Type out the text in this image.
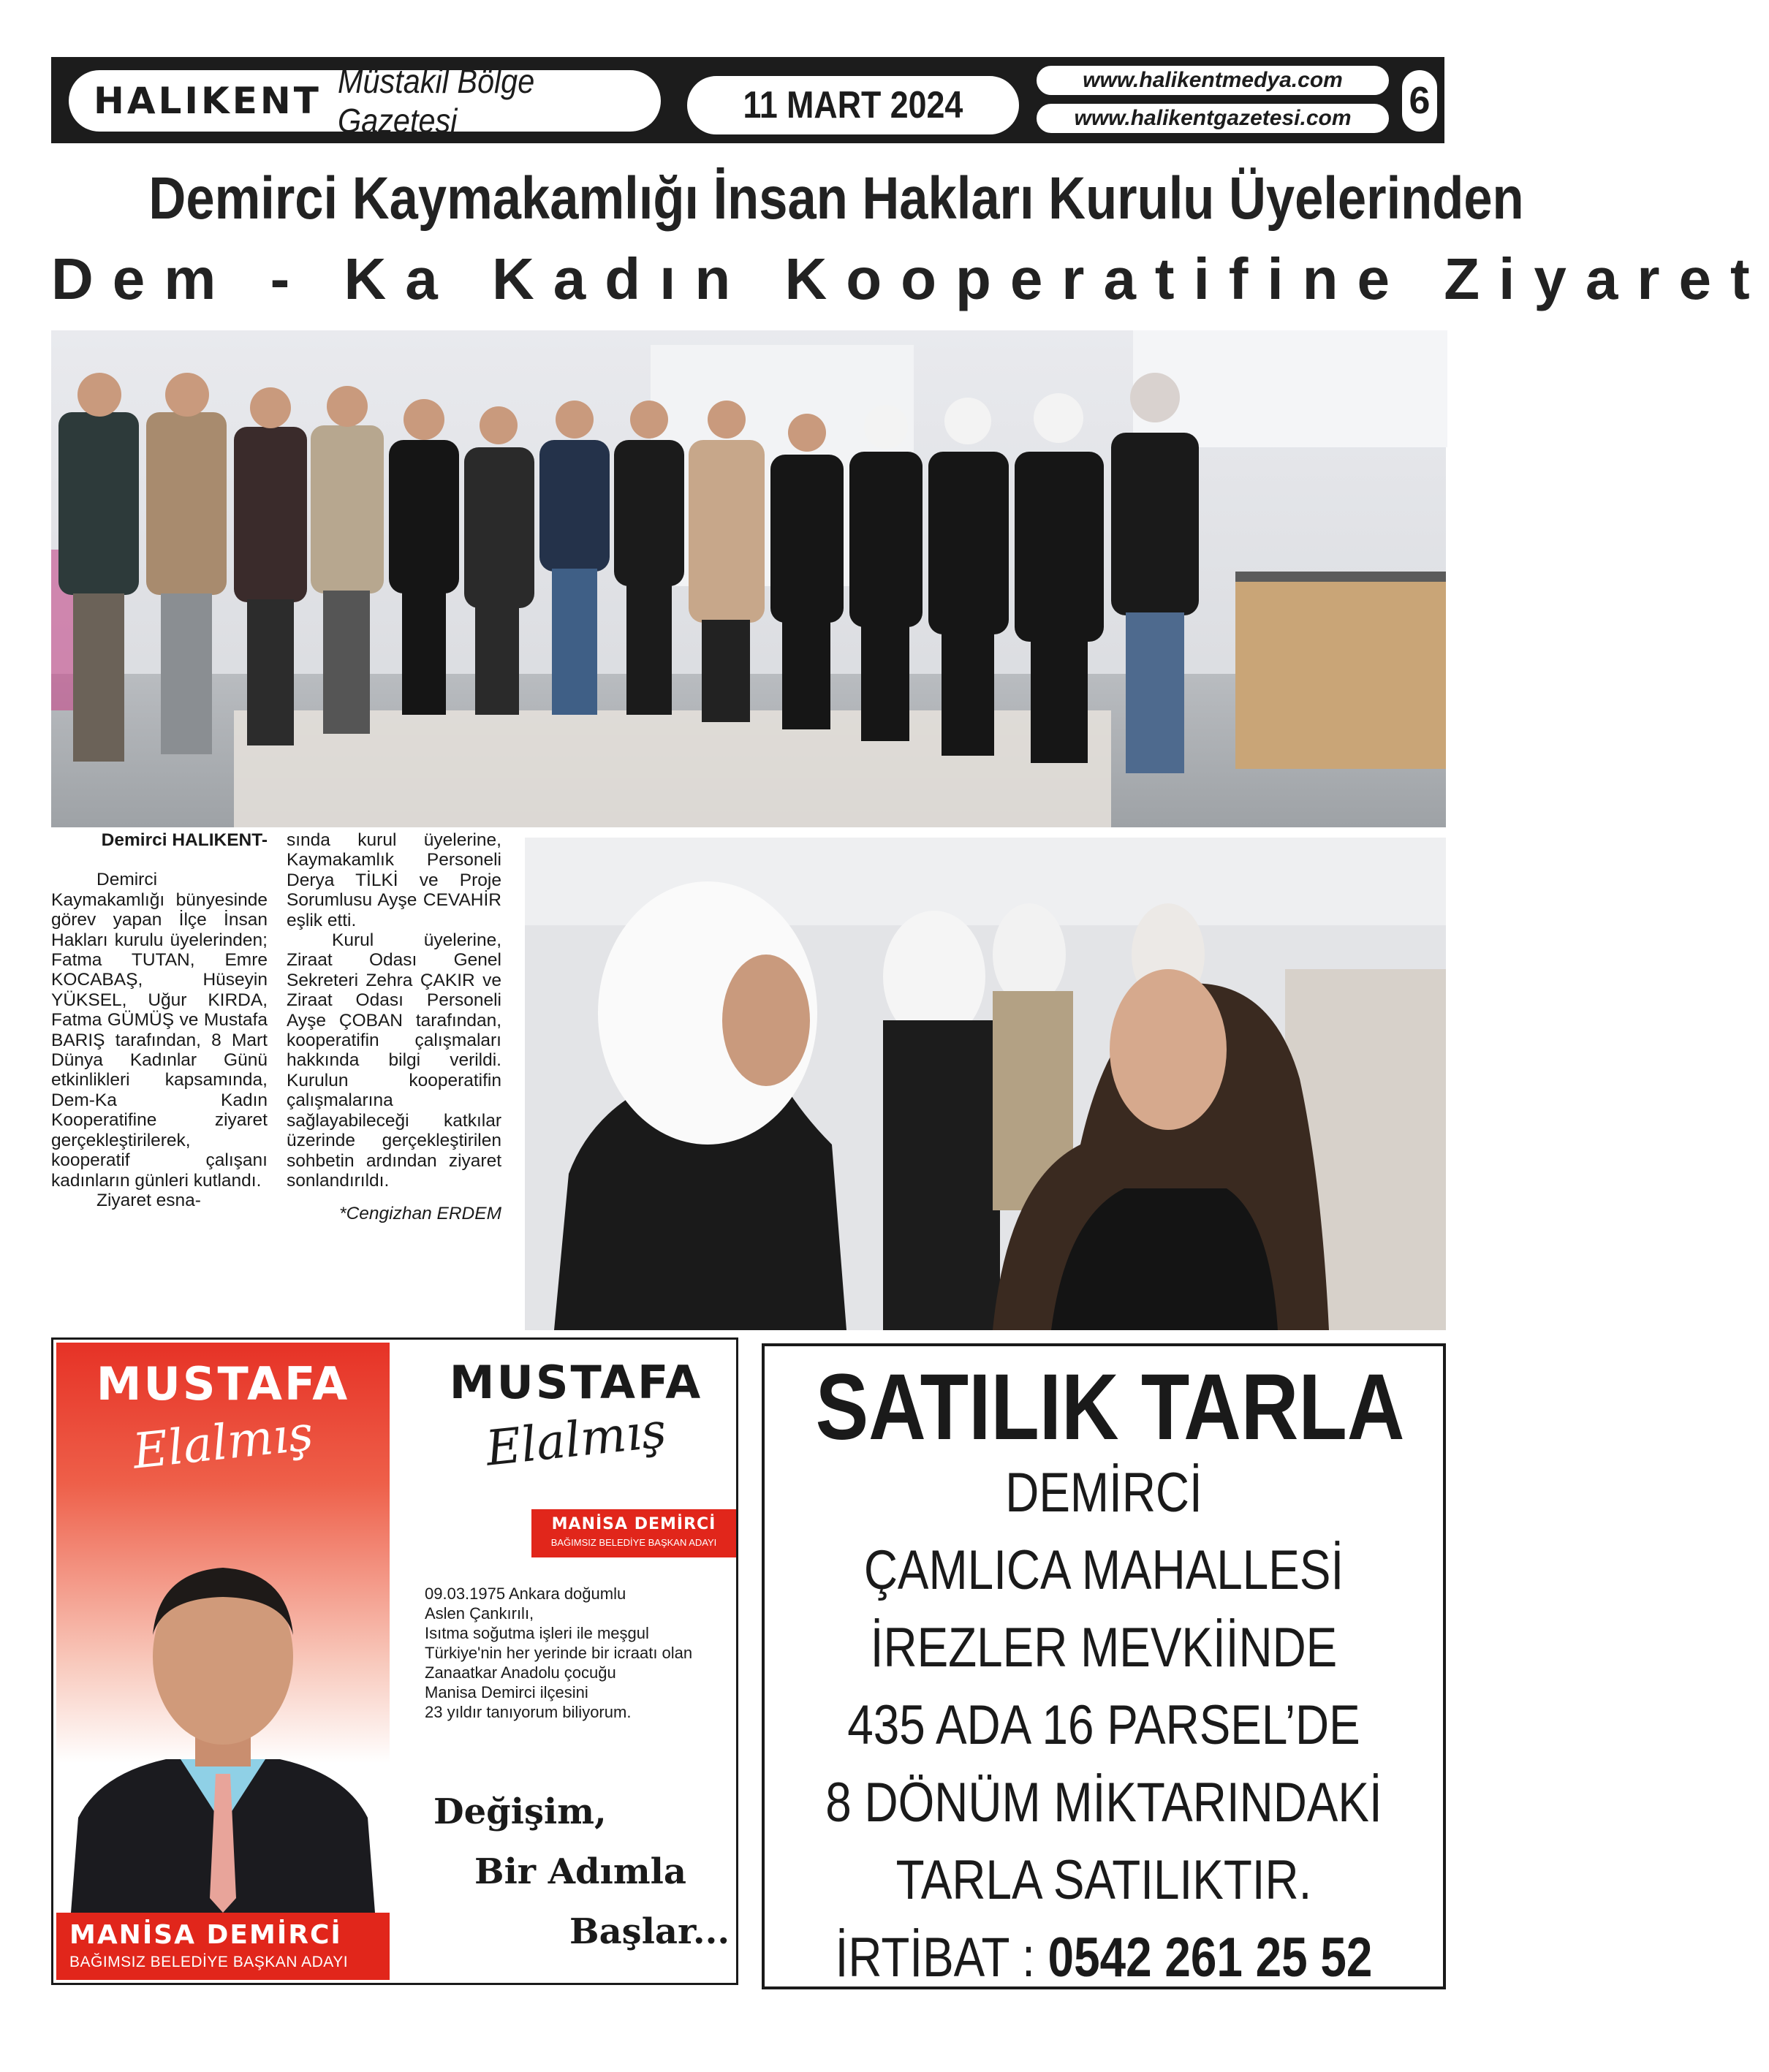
HALIKENT Müstakil Bölge Gazetesi	11 MART 2024
www.halikentmedya.com
www.halikentgazetesi.com 6
Demirci Kaymakamlığı İnsan Hakları Kurulu Üyelerinden
Dem - Ka Kadın Kooperatifine Ziyaret

Demirci HALIKENT-

Demirci Kaymakamlığı bünyesinde görev yapan İlçe İnsan Hakları kurulu üyelerinden; Fatma TUTAN, Emre KOCABAŞ, Hüseyin YÜKSEL, Uğur KIRDA, Fatma GÜMÜŞ ve Mustafa BARIŞ tarafından, 8 Mart Dünya Kadınlar Günü etkinlikleri kapsamında, Dem-Ka Kadın Kooperatifine ziyaret gerçekleştirilerek, kooperatif çalışanı kadınların günleri kutlandı.

Ziyaret esna-

sında kurul üyelerine, Kaymakamlık Personeli Derya TİLKİ ve Proje Sorumlusu Ayşe CEVAHİR eşlik etti.

Kurul üyelerine, Ziraat Odası Genel Sekreteri Zehra ÇAKIR ve Ziraat Odası Personeli Ayşe ÇOBAN tarafından, kooperatifin çalışmaları hakkında bilgi verildi. Kurulun kooperatifin çalışmalarına sağlayabileceği katkılar üzerinde gerçekleştirilen sohbetin ardından ziyaret sonlandırıldı.

*Cengizhan ERDEM

MUSTAFA
Elalmış
MANİSA DEMİRCİ
BAĞIMSIZ BELEDİYE BAŞKAN ADAYI
MUSTAFA
Elalmış
MANİSA DEMİRCİ
BAĞIMSIZ BELEDİYE BAŞKAN ADAYI
09.03.1975 Ankara doğumlu
Aslen Çankırılı,
Isıtma soğutma işleri ile meşgul
Türkiye'nin her yerinde bir icraatı olan
Zanaatkar Anadolu çocuğu
Manisa Demirci ilçesini
23 yıldır tanıyorum biliyorum.
Değişim,
Bir Adımla
Başlar...
SATILIK TARLA
DEMİRCİ
ÇAMLICA MAHALLESİ
İREZLER MEVKİİNDE
435 ADA 16 PARSEL’DE
8 DÖNÜM MİKTARINDAKİ
TARLA SATILIKTIR.
İRTİBAT : 0542 261 25 52
